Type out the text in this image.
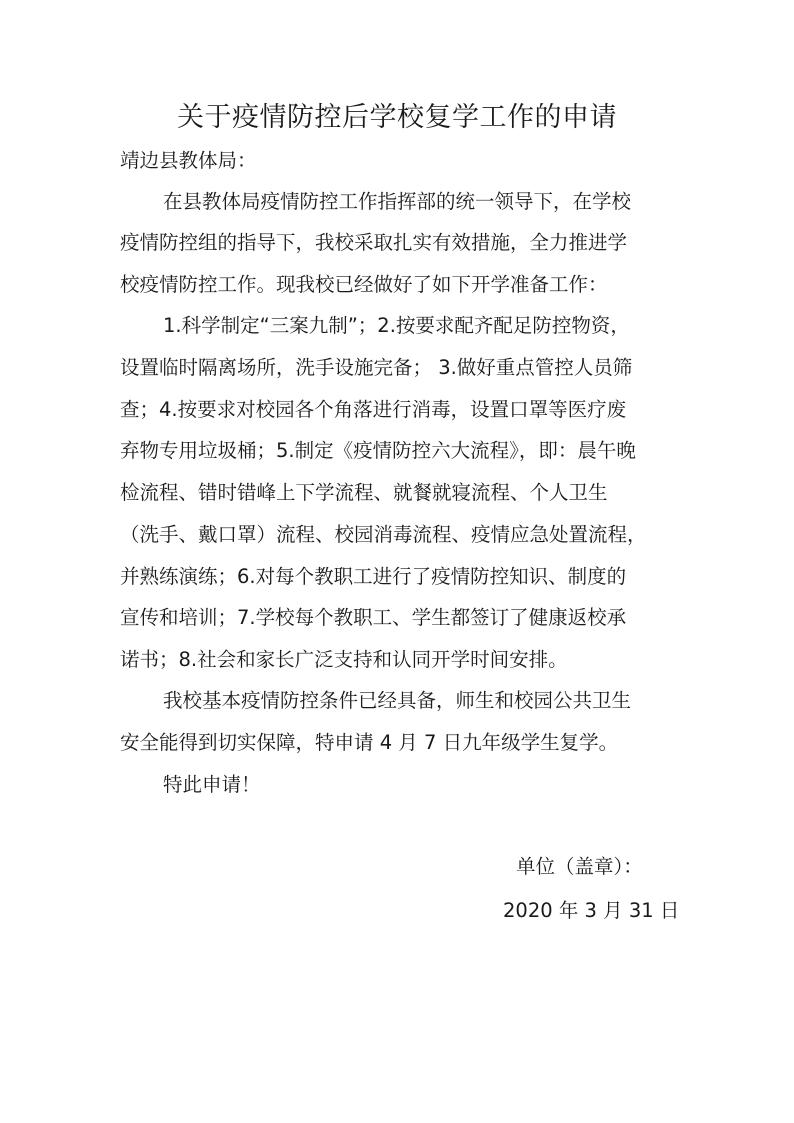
关于疫情防控后学校复学工作的申请

靖边县教体局：

在县教体局疫情防控工作指挥部的统一领导下，在学校

疫情防控组的指导下，我校采取扎实有效措施，全力推进学

校疫情防控工作。现我校已经做好了如下开学准备工作：

1.科学制定“三案九制”；2.按要求配齐配足防控物资，

设置临时隔离场所，洗手设施完备； 3.做好重点管控人员筛

查；4.按要求对校园各个角落进行消毒，设置口罩等医疗废

弃物专用垃圾桶；5.制定《疫情防控六大流程》，即：晨午晚

检流程、错时错峰上下学流程、就餐就寝流程、个人卫生

（洗手、戴口罩）流程、校园消毒流程、疫情应急处置流程，

并熟练演练；6.对每个教职工进行了疫情防控知识、制度的

宣传和培训；7.学校每个教职工、学生都签订了健康返校承

诺书；8.社会和家长广泛支持和认同开学时间安排。

我校基本疫情防控条件已经具备，师生和校园公共卫生

安全能得到切实保障，特申请 4 月 7 日九年级学生复学。

特此申请！

单位（盖章）：

2020 年 3 月 31 日
